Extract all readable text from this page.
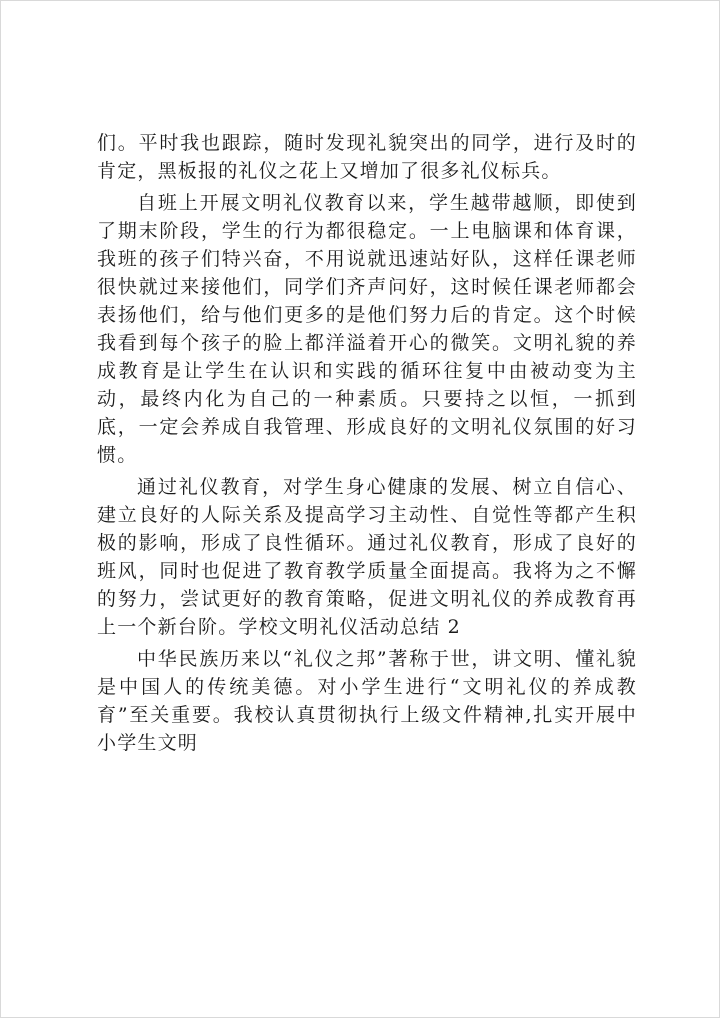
们。平时我也跟踪，随时发现礼貌突出的同学，进行及时的肯定，黑板报的礼仪之花上又增加了很多礼仪标兵。

自班上开展文明礼仪教育以来，学生越带越顺，即使到了期末阶段，学生的行为都很稳定。一上电脑课和体育课，我班的孩子们特兴奋，不用说就迅速站好队，这样任课老师很快就过来接他们，同学们齐声问好，这时候任课老师都会表扬他们，给与他们更多的是他们努力后的肯定。这个时候我看到每个孩子的脸上都洋溢着开心的微笑。文明礼貌的养成教育是让学生在认识和实践的循环往复中由被动变为主动，最终内化为自己的一种素质。只要持之以恒，一抓到底，一定会养成自我管理、形成良好的文明礼仪氛围的好习惯。

通过礼仪教育，对学生身心健康的发展、树立自信心、建立良好的人际关系及提高学习主动性、自觉性等都产生积极的影响，形成了良性循环。通过礼仪教育，形成了良好的班风，同时也促进了教育教学质量全面提高。我将为之不懈的努力，尝试更好的教育策略，促进文明礼仪的养成教育再上一个新台阶。学校文明礼仪活动总结 2

中华民族历来以“礼仪之邦”著称于世，讲文明、懂礼貌是中国人的传统美德。对小学生进行“文明礼仪的养成教育”至关重要。我校认真贯彻执行上级文件精神,扎实开展中小学生文明
